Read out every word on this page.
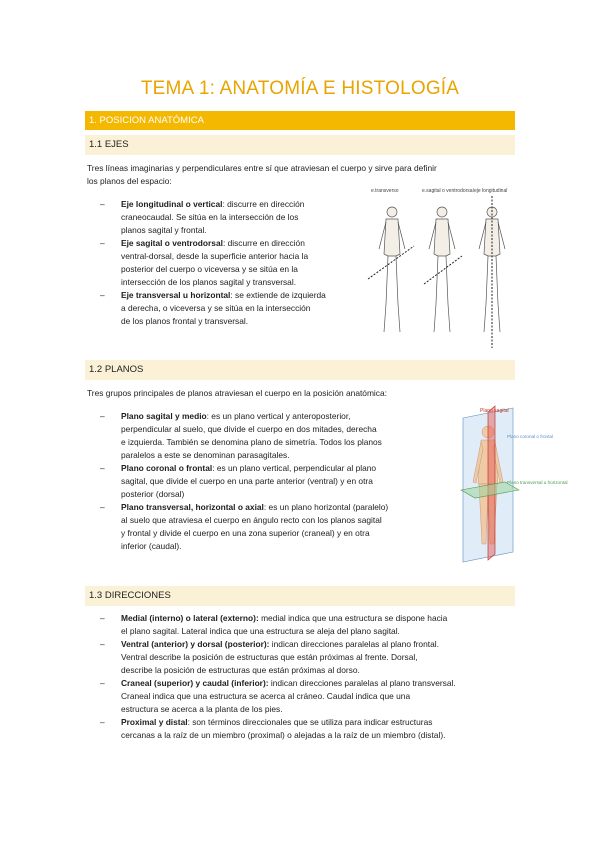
TEMA 1: ANATOMÍA E HISTOLOGÍA
1. POSICION ANATÓMICA
1.1 EJES
Tres líneas imaginarias y perpendiculares entre sí que atraviesan el cuerpo y sirve para definir
los planos del espacio:
– Eje longitudinal o vertical: discurre en dirección
craneocaudal. Se sitúa en la intersección de los
planos sagital y frontal.
– Eje sagital o ventrodorsal: discurre en dirección
ventral-dorsal, desde la superficie anterior hacia la
posterior del cuerpo o viceversa y se sitúa en la
intersección de los planos sagital y transversal.
– Eje transversal u horizontal: se extiende de izquierda
a derecha, o viceversa y se sitúa en la intersección
de los planos frontal y transversal.
e.transverso	e.sagital o ventrodorsal eje longitudinal
1.2 PLANOS
Tres grupos principales de planos atraviesan el cuerpo en la posición anatómica:
– Plano sagital y medio: es un plano vertical y anteroposterior,
perpendicular al suelo, que divide el cuerpo en dos mitades, derecha
e izquierda. También se denomina plano de simetría. Todos los planos
paralelos a este se denominan parasagitales.
– Plano coronal o frontal: es un plano vertical, perpendicular al plano
sagital, que divide el cuerpo en una parte anterior (ventral) y en otra
posterior (dorsal)
– Plano transversal, horizontal o axial: es un plano horizontal (paralelo)
al suelo que atraviesa el cuerpo en ángulo recto con los planos sagital
y frontal y divide el cuerpo en una zona superior (craneal) y en otra
inferior (caudal).
Plano sagital
Plano coronal o frontal
Plano transversal u horizontal
1.3 DIRECCIONES
– Medial (interno) o lateral (externo): medial indica que una estructura se dispone hacia
el plano sagital. Lateral indica que una estructura se aleja del plano sagital.
– Ventral (anterior) y dorsal (posterior): indican direcciones paralelas al plano frontal.
Ventral describe la posición de estructuras que están próximas al frente. Dorsal,
describe la posición de estructuras que están próximas al dorso.
– Craneal (superior) y caudal (inferior): indican direcciones paralelas al plano transversal.
Craneal indica que una estructura se acerca al cráneo. Caudal indica que una
estructura se acerca a la planta de los pies.
– Proximal y distal: son términos direccionales que se utiliza para indicar estructuras
cercanas a la raíz de un miembro (proximal) o alejadas a la raíz de un miembro (distal).
